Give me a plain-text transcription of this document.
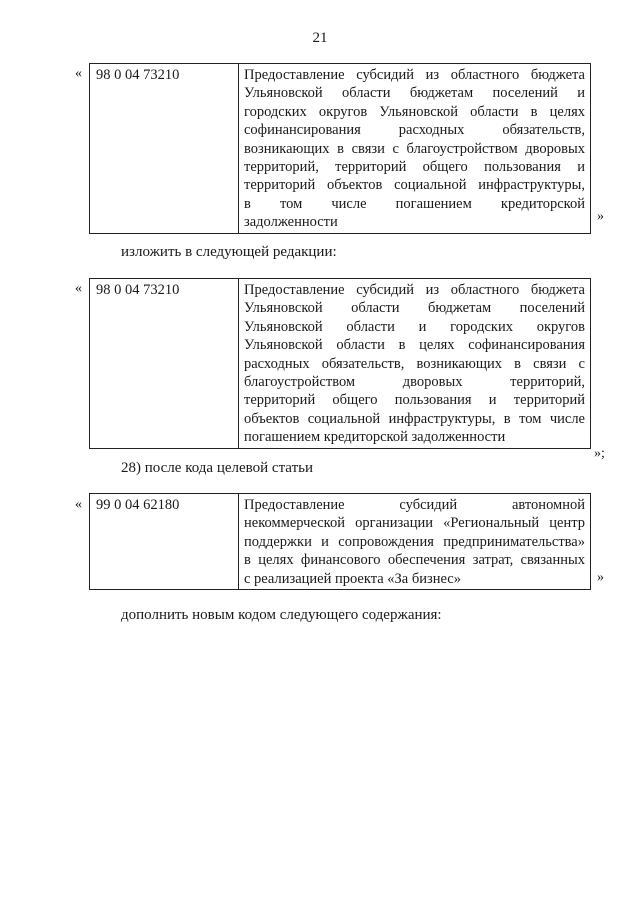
21
« 98 0 04 73210	Предоставление субсидий из областного бюджета
Ульяновской области бюджетам поселений и
городских округов Ульяновской области в целях
софинансирования расходных обязательств,
возникающих в связи с благоустройством дворовых
территорий, территорий общего пользования и
территорий объектов социальной инфраструктуры,
в том числе погашением кредиторской
задолженности	»
изложить в следующей редакции:
« 98 0 04 73210	Предоставление субсидий из областного бюджета
Ульяновской области бюджетам поселений
Ульяновской области и городских округов
Ульяновской области в целях софинансирования
расходных обязательств, возникающих в связи с
благоустройством дворовых территорий,
территорий общего пользования и территорий
объектов социальной инфраструктуры, в том числе
погашением кредиторской задолженности
»;
28) после кода целевой статьи
« 99 0 04 62180	Предоставление субсидий автономной
некоммерческой организации «Региональный центр
поддержки и сопровождения предпринимательства»
в целях финансового обеспечения затрат, связанных
с реализацией проекта «За бизнес»	»
дополнить новым кодом следующего содержания:
